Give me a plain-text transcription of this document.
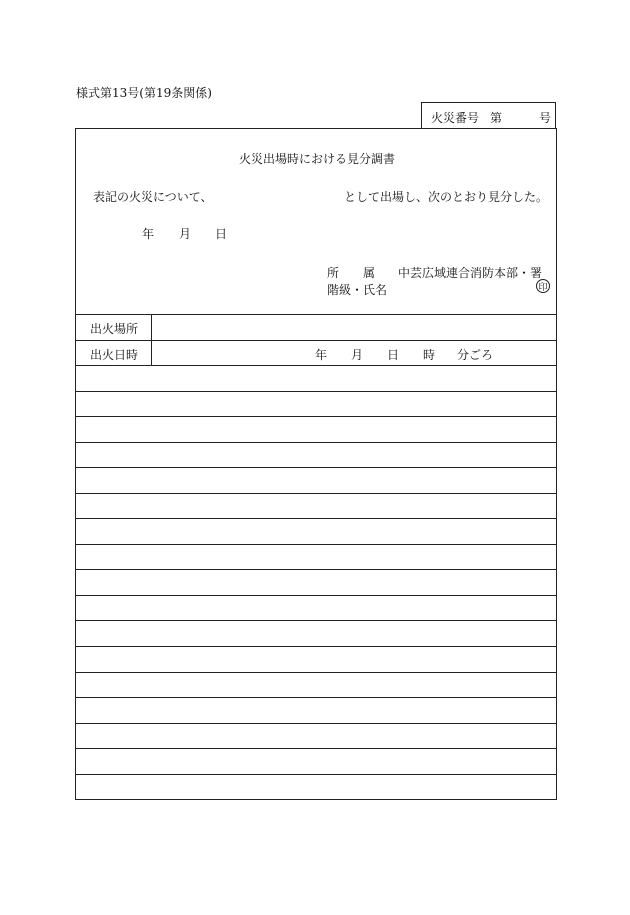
様式第13号(第19条関係)
火災番号 第	号
火災出場時における見分調書
表記の火災について、	として出場し、次のとおり見分した。
年 月 日
所　　属 中芸広域連合消防本部・署
階級・氏名	印
出火場所
出火日時	年 月 日 時 分ごろ
